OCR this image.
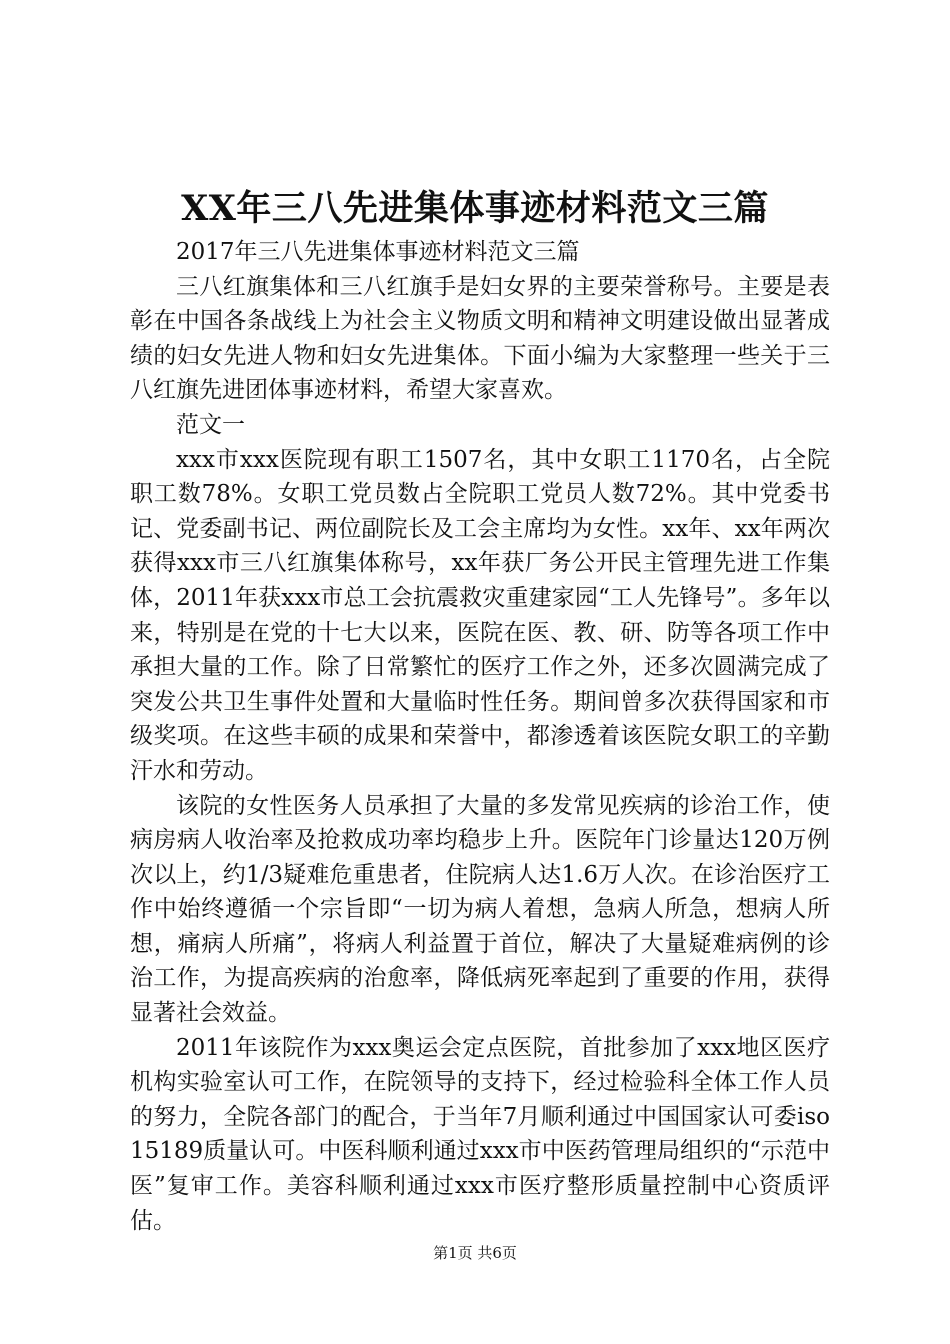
XX年三八先进集体事迹材料范文三篇

2017年三八先进集体事迹材料范文三篇

三八红旗集体和三八红旗手是妇女界的主要荣誉称号。主要是表彰在中国各条战线上为社会主义物质文明和精神文明建设做出显著成绩的妇女先进人物和妇女先进集体。下面小编为大家整理一些关于三八红旗先进团体事迹材料，希望大家喜欢。

范文一

xxx市xxx医院现有职工1507名，其中女职工1170名，占全院职工数78%。女职工党员数占全院职工党员人数72%。其中党委书记、党委副书记、两位副院长及工会主席均为女性。xx年、xx年两次获得xxx市三八红旗集体称号，xx年获厂务公开民主管理先进工作集体，2011年获xxx市总工会抗震救灾重建家园“工人先锋号”。多年以来，特别是在党的十七大以来，医院在医、教、研、防等各项工作中承担大量的工作。除了日常繁忙的医疗工作之外，还多次圆满完成了突发公共卫生事件处置和大量临时性任务。期间曾多次获得国家和市级奖项。在这些丰硕的成果和荣誉中，都渗透着该医院女职工的辛勤汗水和劳动。

该院的女性医务人员承担了大量的多发常见疾病的诊治工作，使病房病人收治率及抢救成功率均稳步上升。医院年门诊量达120万例次以上，约1/3疑难危重患者，住院病人达1.6万人次。在诊治医疗工作中始终遵循一个宗旨即“一切为病人着想，急病人所急，想病人所想，痛病人所痛”，将病人利益置于首位，解决了大量疑难病例的诊治工作，为提高疾病的治愈率，降低病死率起到了重要的作用，获得显著社会效益。

2011年该院作为xxx奥运会定点医院，首批参加了xxx地区医疗机构实验室认可工作，在院领导的支持下，经过检验科全体工作人员的努力，全院各部门的配合，于当年7月顺利通过中国国家认可委iso15189质量认可。中医科顺利通过xxx市中医药管理局组织的“示范中医”复审工作。美容科顺利通过xxx市医疗整形质量控制中心资质评估。

第1页 共6页
